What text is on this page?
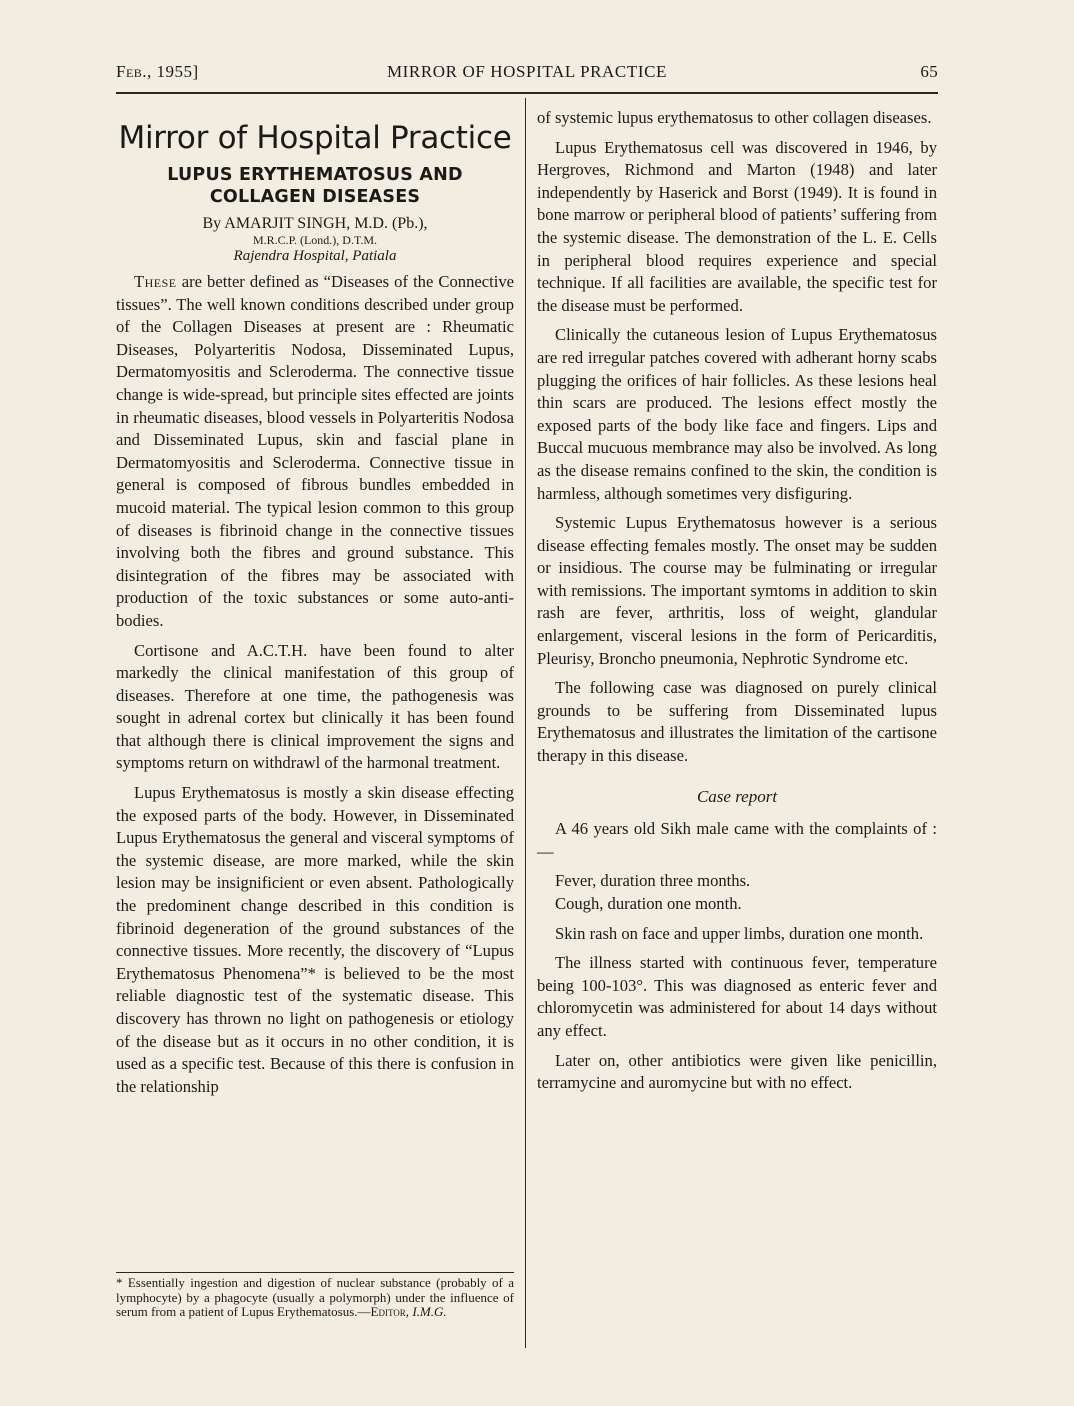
Feb., 1955]	MIRROR OF HOSPITAL PRACTICE	65
Mirror of Hospital Practice
LUPUS ERYTHEMATOSUS AND
COLLAGEN DISEASES
By AMARJIT SINGH, M.D. (Pb.),
M.R.C.P. (Lond.), D.T.M.
Rajendra Hospital, Patiala

These are better defined as “Diseases of the Connective tissues”. The well known conditions described under group of the Collagen Diseases at present are : Rheumatic Diseases, Polyarteritis Nodosa, Disseminated Lupus, Dermatomyositis and Scleroderma. The connective tissue change is wide-spread, but principle sites effected are joints in rheumatic diseases, blood vessels in Polyarteritis Nodosa and Disseminated Lupus, skin and fascial plane in Dermatomyositis and Scleroderma. Connective tissue in general is composed of fibrous bundles embedded in mucoid material. The typical lesion common to this group of diseases is fibrinoid change in the connective tissues involving both the fibres and ground substance. This disintegration of the fibres may be associated with production of the toxic substances or some auto-anti-bodies.

Cortisone and A.C.T.H. have been found to alter markedly the clinical manifestation of this group of diseases. Therefore at one time, the pathogenesis was sought in adrenal cortex but clinically it has been found that although there is clinical improvement the signs and symptoms return on withdrawl of the harmonal treatment.

Lupus Erythematosus is mostly a skin disease effecting the exposed parts of the body. However, in Disseminated Lupus Erythematosus the general and visceral symptoms of the systemic disease, are more marked, while the skin lesion may be insignificient or even absent. Pathologically the predominent change described in this condition is fibrinoid degeneration of the ground substances of the connective tissues. More recently, the discovery of “Lupus Erythematosus Phenomena”* is believed to be the most reliable diagnostic test of the systematic disease. This discovery has thrown no light on pathogenesis or etiology of the disease but as it occurs in no other condition, it is used as a specific test. Because of this there is confusion in the relationship

* Essentially ingestion and digestion of nuclear substance (probably of a lymphocyte) by a phagocyte (usually a polymorph) under the influence of serum from a patient of Lupus Erythematosus.—Editor, I.M.G.

of systemic lupus erythematosus to other collagen diseases.

Lupus Erythematosus cell was discovered in 1946, by Hergroves, Richmond and Marton (1948) and later independently by Haserick and Borst (1949). It is found in bone marrow or peripheral blood of patients’ suffering from the systemic disease. The demonstration of the L. E. Cells in peripheral blood requires experience and special technique. If all facilities are available, the specific test for the disease must be performed.

Clinically the cutaneous lesion of Lupus Erythematosus are red irregular patches covered with adherant horny scabs plugging the orifices of hair follicles. As these lesions heal thin scars are produced. The lesions effect mostly the exposed parts of the body like face and fingers. Lips and Buccal mucuous membrance may also be involved. As long as the disease remains confined to the skin, the condition is harmless, although sometimes very disfiguring.

Systemic Lupus Erythematosus however is a serious disease effecting females mostly. The onset may be sudden or insidious. The course may be fulminating or irregular with remissions. The important symtoms in addition to skin rash are fever, arthritis, loss of weight, glandular enlargement, visceral lesions in the form of Pericarditis, Pleurisy, Broncho pneumonia, Nephrotic Syndrome etc.

The following case was diagnosed on purely clinical grounds to be suffering from Disseminated lupus Erythematosus and illustrates the limitation of the cartisone therapy in this disease.

Case report

A 46 years old Sikh male came with the complaints of :—

Fever, duration three months.

Cough, duration one month.

Skin rash on face and upper limbs, duration one month.

The illness started with continuous fever, temperature being 100-103°. This was diagnosed as enteric fever and chloromycetin was administered for about 14 days without any effect.

Later on, other antibiotics were given like penicillin, terramycine and auromycine but with no effect.
